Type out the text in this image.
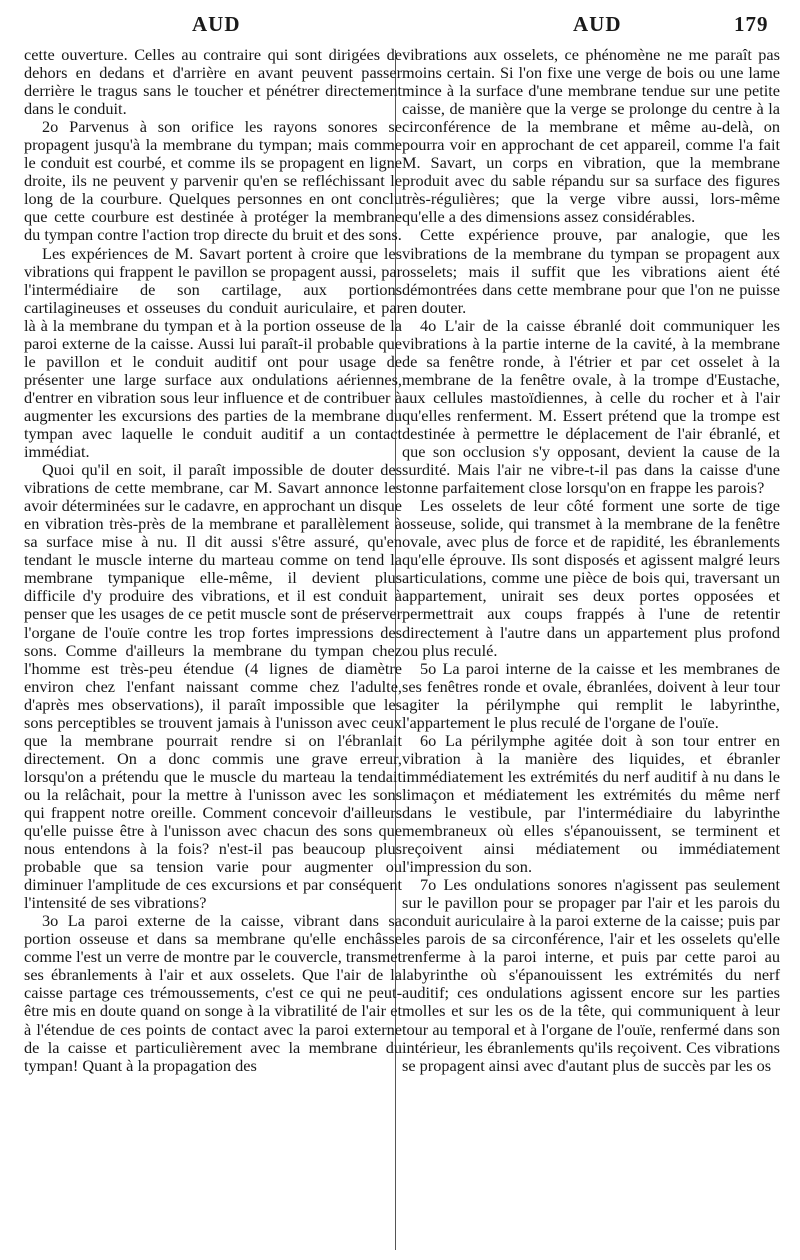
AUD	AUD	179

cette ouverture. Celles au contraire qui sont dirigées de dehors en dedans et d'arrière en avant peuvent passer derrière le tragus sans le toucher et pénétrer directement dans le conduit.

2o Parvenus à son orifice les rayons sonores se propagent jusqu'à la membrane du tympan; mais comme le conduit est courbé, et comme ils se propagent en ligne droite, ils ne peuvent y parvenir qu'en se refléchissant le long de la courbure. Quelques personnes en ont conclu que cette courbure est destinée à protéger la membrane du tympan contre l'action trop directe du bruit et des sons.

Les expériences de M. Savart portent à croire que les vibrations qui frappent le pavillon se propagent aussi, par l'intermédiaire de son cartilage, aux portions cartilagineuses et osseuses du conduit auriculaire, et par là à la membrane du tympan et à la portion osseuse de la paroi externe de la caisse. Aussi lui paraît-il probable que le pavillon et le conduit auditif ont pour usage de présenter une large surface aux ondulations aériennes, d'entrer en vibration sous leur influence et de contribuer à augmenter les excursions des parties de la membrane du tympan avec laquelle le conduit auditif a un contact immédiat.

Quoi qu'il en soit, il paraît impossible de douter des vibrations de cette membrane, car M. Savart annonce les avoir déterminées sur le cadavre, en approchant un disque en vibration très-près de la membrane et parallèlement à sa surface mise à nu. Il dit aussi s'être assuré, qu'en tendant le muscle interne du marteau comme on tend la membrane tympanique elle-même, il devient plus difficile d'y produire des vibrations, et il est conduit à penser que les usages de ce petit muscle sont de préserver l'organe de l'ouïe contre les trop fortes impressions des sons. Comme d'ailleurs la membrane du tympan chez l'homme est très-peu étendue (4 lignes de diamètre environ chez l'enfant naissant comme chez l'adulte, d'après mes observations), il paraît impossible que les sons perceptibles se trouvent jamais à l'unisson avec ceux que la membrane pourrait rendre si on l'ébranlait directement. On a donc commis une grave erreur, lorsqu'on a prétendu que le muscle du marteau la tendait ou la relâchait, pour la mettre à l'unisson avec les sons qui frappent notre oreille. Comment concevoir d'ailleurs qu'elle puisse être à l'unisson avec chacun des sons que nous entendons à la fois? n'est-il pas beaucoup plus probable que sa tension varie pour augmenter ou diminuer l'amplitude de ces excursions et par conséquent l'intensité de ses vibrations?

3o La paroi externe de la caisse, vibrant dans sa portion osseuse et dans sa membrane qu'elle enchâsse comme l'est un verre de montre par le couvercle, transmet ses ébranlements à l'air et aux osselets. Que l'air de la caisse partage ces trémoussements, c'est ce qui ne peut-être mis en doute quand on songe à la vibratilité de l'air et à l'étendue de ces points de contact avec la paroi externe de la caisse et particulièrement avec la membrane du tympan! Quant à la propagation des

vibrations aux osselets, ce phénomène ne me paraît pas moins certain. Si l'on fixe une verge de bois ou une lame mince à la surface d'une membrane tendue sur une petite caisse, de manière que la verge se prolonge du centre à la circonférence de la membrane et même au-delà, on pourra voir en approchant de cet appareil, comme l'a fait M. Savart, un corps en vibration, que la membrane produit avec du sable répandu sur sa surface des figures très-régulières; que la verge vibre aussi, lors-même qu'elle a des dimensions assez considérables.

Cette expérience prouve, par analogie, que les vibrations de la membrane du tympan se propagent aux osselets; mais il suffit que les vibrations aient été démontrées dans cette membrane pour que l'on ne puisse en douter.

4o L'air de la caisse ébranlé doit communiquer les vibrations à la partie interne de la cavité, à la membrane de sa fenêtre ronde, à l'étrier et par cet osselet à la membrane de la fenêtre ovale, à la trompe d'Eustache, aux cellules mastoïdiennes, à celle du rocher et à l'air qu'elles renferment. M. Essert prétend que la trompe est destinée à permettre le déplacement de l'air ébranlé, et que son occlusion s'y opposant, devient la cause de la surdité. Mais l'air ne vibre-t-il pas dans la caisse d'une tonne parfaitement close lorsqu'on en frappe les parois?

Les osselets de leur côté forment une sorte de tige osseuse, solide, qui transmet à la membrane de la fenêtre ovale, avec plus de force et de rapidité, les ébranlements qu'elle éprouve. Ils sont disposés et agissent malgré leurs articulations, comme une pièce de bois qui, traversant un appartement, unirait ses deux portes opposées et permettrait aux coups frappés à l'une de retentir directement à l'autre dans un appartement plus profond ou plus reculé.

5o La paroi interne de la caisse et les membranes de ses fenêtres ronde et ovale, ébranlées, doivent à leur tour agiter la périlymphe qui remplit le labyrinthe, l'appartement le plus reculé de l'organe de l'ouïe.

6o La périlymphe agitée doit à son tour entrer en vibration à la manière des liquides, et ébranler immédiatement les extrémités du nerf auditif à nu dans le limaçon et médiatement les extrémités du même nerf dans le vestibule, par l'intermédiaire du labyrinthe membraneux où elles s'épanouissent, se terminent et reçoivent ainsi médiatement ou immédiatement l'impression du son.

7o Les ondulations sonores n'agissent pas seulement sur le pavillon pour se propager par l'air et les parois du conduit auriculaire à la paroi externe de la caisse; puis par les parois de sa circonférence, l'air et les osselets qu'elle renferme à la paroi interne, et puis par cette paroi au labyrinthe où s'épanouissent les extrémités du nerf auditif; ces ondulations agissent encore sur les parties molles et sur les os de la tête, qui communiquent à leur tour au temporal et à l'organe de l'ouïe, renfermé dans son intérieur, les ébranlements qu'ils reçoivent. Ces vibrations se propagent ainsi avec d'autant plus de succès par les os
